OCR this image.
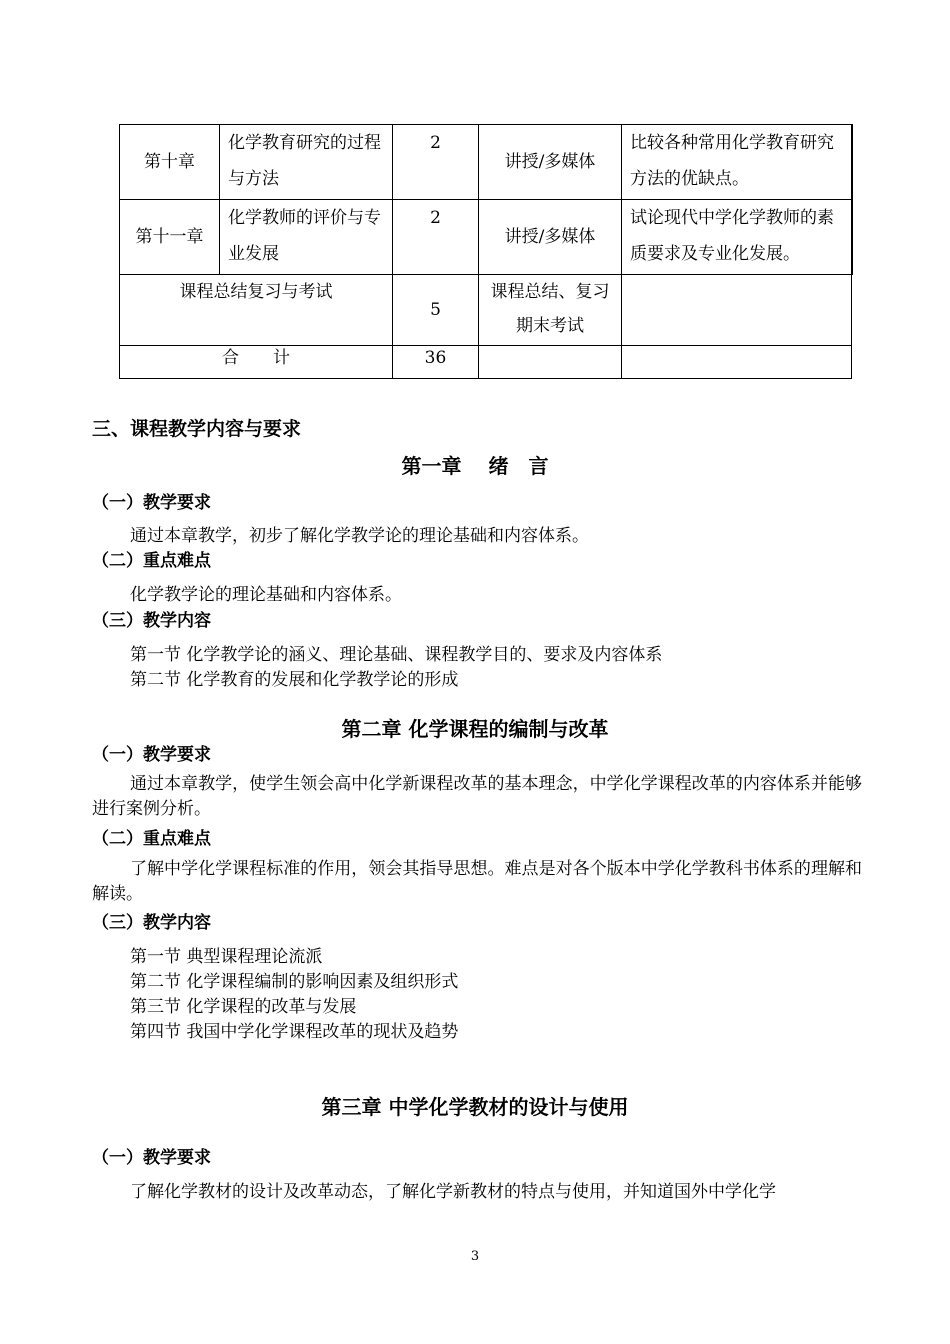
第十章	化学教育研究的过程与方法	2	讲授/多媒体	比较各种常用化学教育研究方法的优缺点。
第十一章	化学教师的评价与专业发展	2	讲授/多媒体	试论现代中学化学教师的素质要求及专业化发展。
课程总结复习与考试		5	课程总结、复习期末考试	
合　　计		36		
三、课程教学内容与要求
第一章　 绪　言
（一）教学要求
通过本章教学，初步了解化学教学论的理论基础和内容体系。
（二）重点难点
化学教学论的理论基础和内容体系。
（三）教学内容
第一节 化学教学论的涵义、理论基础、课程教学目的、要求及内容体系
第二节 化学教育的发展和化学教学论的形成
第二章 化学课程的编制与改革
（一）教学要求
通过本章教学，使学生领会高中化学新课程改革的基本理念，中学化学课程改革的内容体系并能够进行案例分析。
（二）重点难点
了解中学化学课程标准的作用，领会其指导思想。难点是对各个版本中学化学教科书体系的理解和解读。
（三）教学内容
第一节 典型课程理论流派
第二节 化学课程编制的影响因素及组织形式
第三节 化学课程的改革与发展
第四节 我国中学化学课程改革的现状及趋势
第三章 中学化学教材的设计与使用
（一）教学要求
了解化学教材的设计及改革动态，了解化学新教材的特点与使用，并知道国外中学化学
3
